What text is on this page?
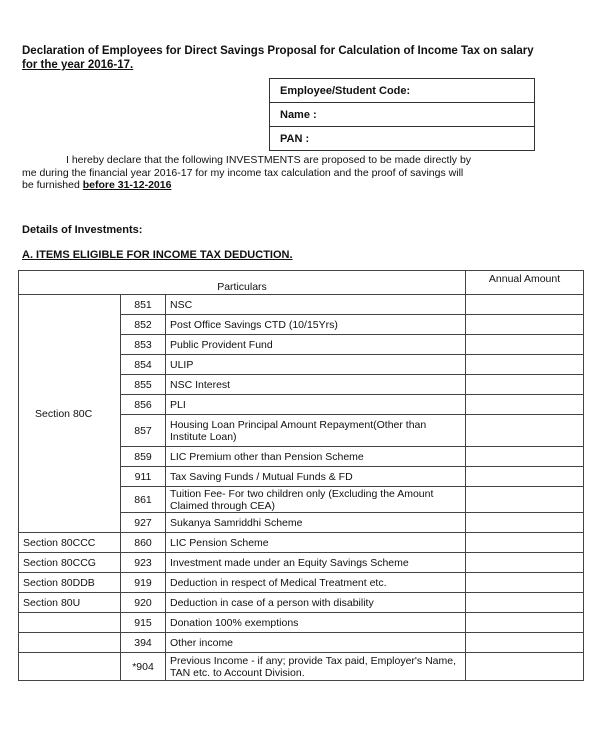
Declaration of Employees for Direct Savings Proposal for Calculation of Income Tax on salary
for the year 2016-17.
Employee/Student Code:
Name :
PAN :
I hereby declare that the following INVESTMENTS are proposed to be made directly by
me during the financial year 2016-17 for my income tax calculation and the proof of savings will
be furnished before 31-12-2016
Details of Investments:
A. ITEMS ELIGIBLE FOR INCOME TAX DEDUCTION.
Particulars			Annual Amount
Section 80C	851	NSC	
	852	Post Office Savings CTD (10/15Yrs)	
	853	Public Provident Fund	
	854	ULIP	
	855	NSC Interest	
	856	PLI	
	857	Housing Loan Principal Amount Repayment(Other than Institute Loan)	
	859	LIC Premium other than Pension Scheme	
	911	Tax Saving Funds / Mutual Funds & FD	
	861	Tuition Fee- For two children only (Excluding the Amount Claimed through CEA)	
	927	Sukanya Samriddhi Scheme	
Section 80CCC	860	LIC Pension Scheme	
Section 80CCG	923	Investment made under an Equity Savings Scheme	
Section 80DDB	919	Deduction in respect of Medical Treatment etc.	
Section 80U	920	Deduction in case of a person with disability	
	915	Donation 100% exemptions	
	394	Other income	
	*904	Previous Income - if any; provide Tax paid, Employer's Name, TAN etc. to Account Division.	
